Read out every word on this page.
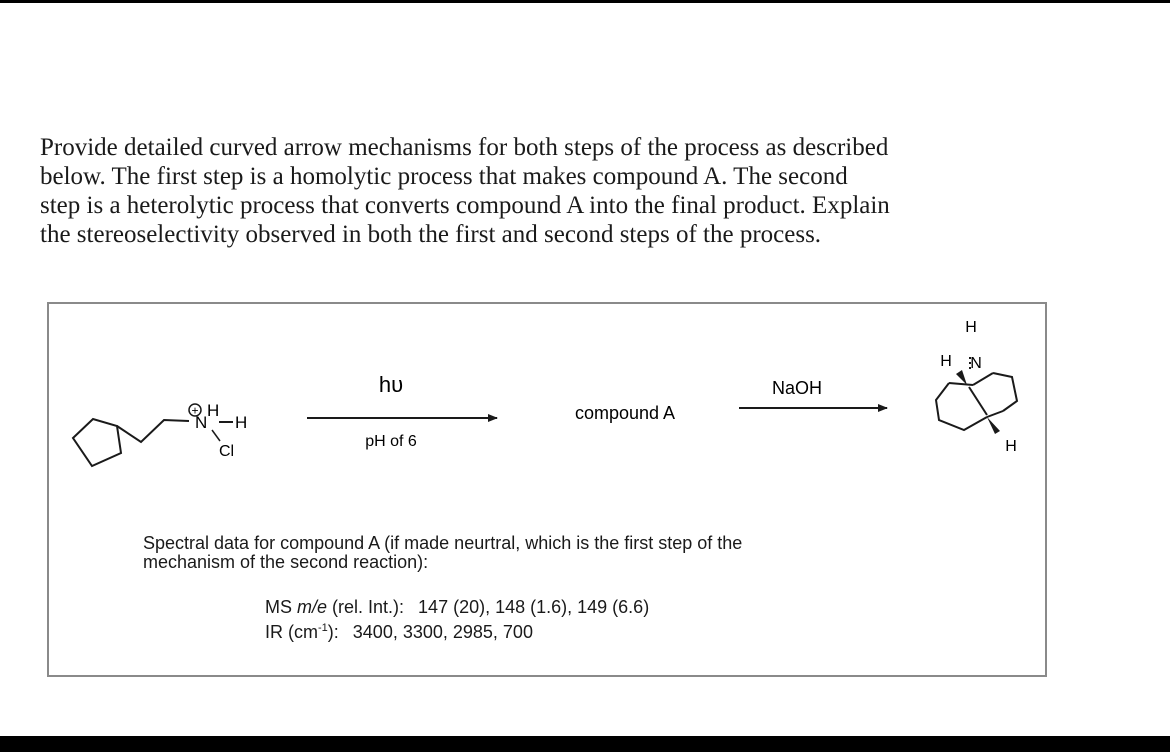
Provide detailed curved arrow mechanisms for both steps of the process as described
below. The first step is a homolytic process that makes compound A. The second
step is a heterolytic process that converts compound A into the final product. Explain
the stereoselectivity observed in both the first and second steps of the process.
+ H
N H
Cl
hυ
pH of 6
compound A
NaOH
H
H N
H
Spectral data for compound A (if made neurtral, which is the first step of the
mechanism of the second reaction):
MS m/e (rel. Int.): 147 (20), 148 (1.6), 149 (6.6)
IR $(cm^{-1})$: 3400, 3300, 2985, 700
